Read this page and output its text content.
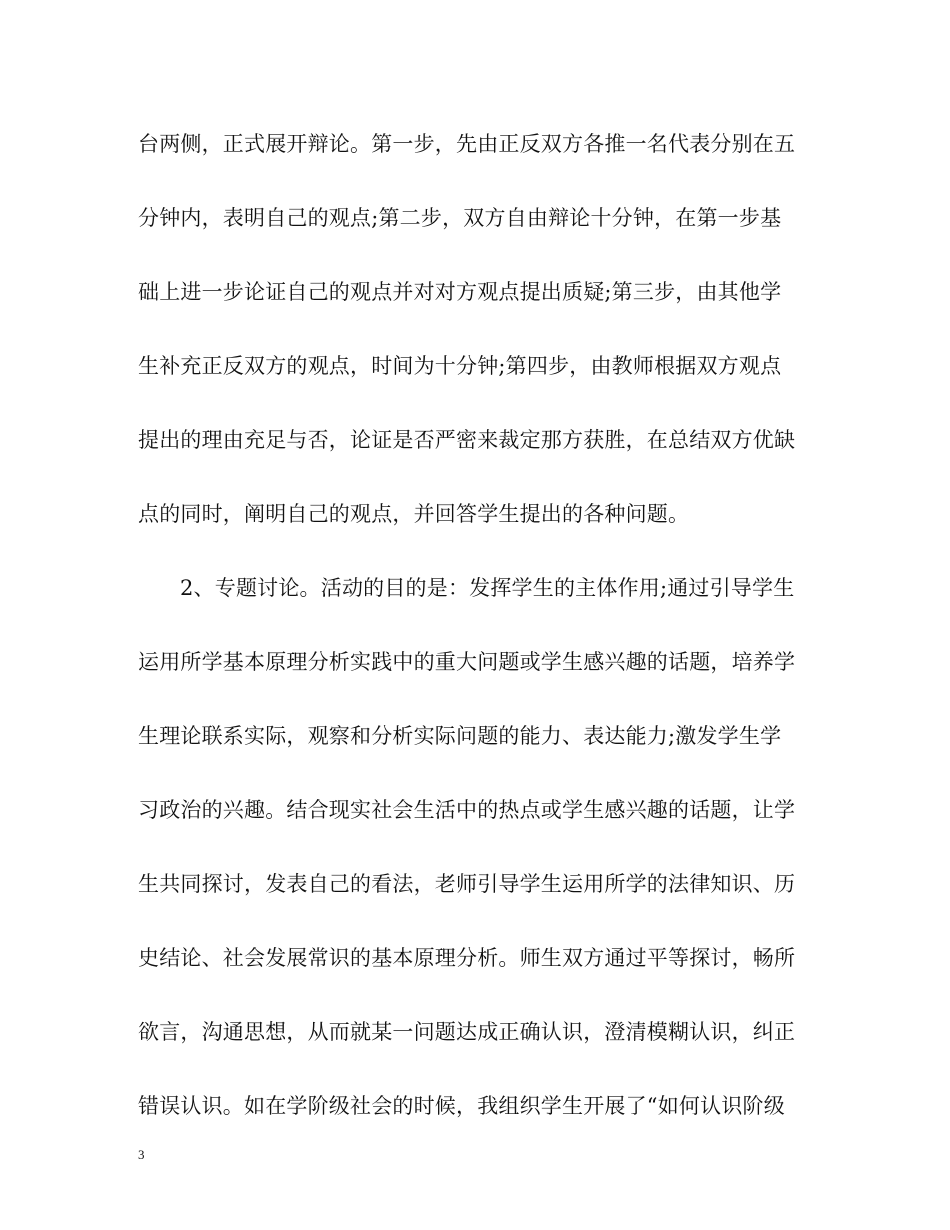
台两侧，正式展开辩论。第一步，先由正反双方各推一名代表分别在五
分钟内，表明自己的观点;第二步，双方自由辩论十分钟，在第一步基
础上进一步论证自己的观点并对对方观点提出质疑;第三步，由其他学
生补充正反双方的观点，时间为十分钟;第四步，由教师根据双方观点
提出的理由充足与否，论证是否严密来裁定那方获胜，在总结双方优缺
点的同时，阐明自己的观点，并回答学生提出的各种问题。
2、专题讨论。活动的目的是：发挥学生的主体作用;通过引导学生
运用所学基本原理分析实践中的重大问题或学生感兴趣的话题，培养学
生理论联系实际，观察和分析实际问题的能力、表达能力;激发学生学
习政治的兴趣。结合现实社会生活中的热点或学生感兴趣的话题，让学
生共同探讨，发表自己的看法，老师引导学生运用所学的法律知识、历
史结论、社会发展常识的基本原理分析。师生双方通过平等探讨，畅所
欲言，沟通思想，从而就某一问题达成正确认识，澄清模糊认识，纠正
错误认识。如在学阶级社会的时候，我组织学生开展了“如何认识阶级
3
